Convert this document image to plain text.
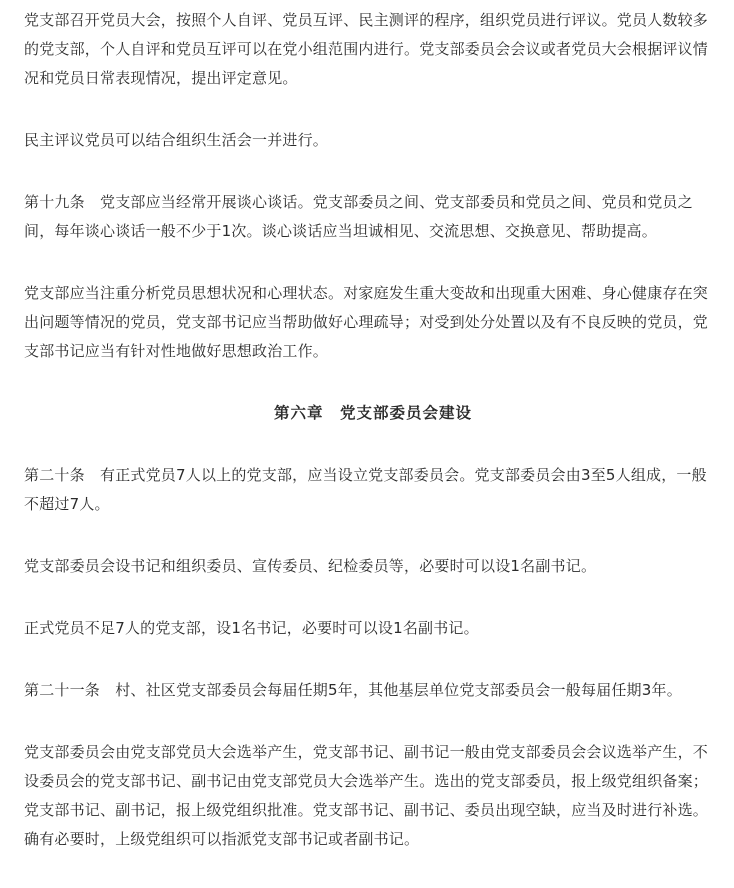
党支部召开党员大会，按照个人自评、党员互评、民主测评的程序，组织党员进行评议。党员人数较多的党支部，个人自评和党员互评可以在党小组范围内进行。党支部委员会会议或者党员大会根据评议情况和党员日常表现情况，提出评定意见。

民主评议党员可以结合组织生活会一并进行。

第十九条　党支部应当经常开展谈心谈话。党支部委员之间、党支部委员和党员之间、党员和党员之间，每年谈心谈话一般不少于1次。谈心谈话应当坦诚相见、交流思想、交换意见、帮助提高。

党支部应当注重分析党员思想状况和心理状态。对家庭发生重大变故和出现重大困难、身心健康存在突出问题等情况的党员，党支部书记应当帮助做好心理疏导；对受到处分处置以及有不良反映的党员，党支部书记应当有针对性地做好思想政治工作。

第六章　党支部委员会建设

第二十条　有正式党员7人以上的党支部，应当设立党支部委员会。党支部委员会由3至5人组成，一般不超过7人。

党支部委员会设书记和组织委员、宣传委员、纪检委员等，必要时可以设1名副书记。

正式党员不足7人的党支部，设1名书记，必要时可以设1名副书记。

第二十一条　村、社区党支部委员会每届任期5年，其他基层单位党支部委员会一般每届任期3年。

党支部委员会由党支部党员大会选举产生，党支部书记、副书记一般由党支部委员会会议选举产生，不设委员会的党支部书记、副书记由党支部党员大会选举产生。选出的党支部委员，报上级党组织备案；党支部书记、副书记，报上级党组织批准。党支部书记、副书记、委员出现空缺，应当及时进行补选。确有必要时，上级党组织可以指派党支部书记或者副书记。
